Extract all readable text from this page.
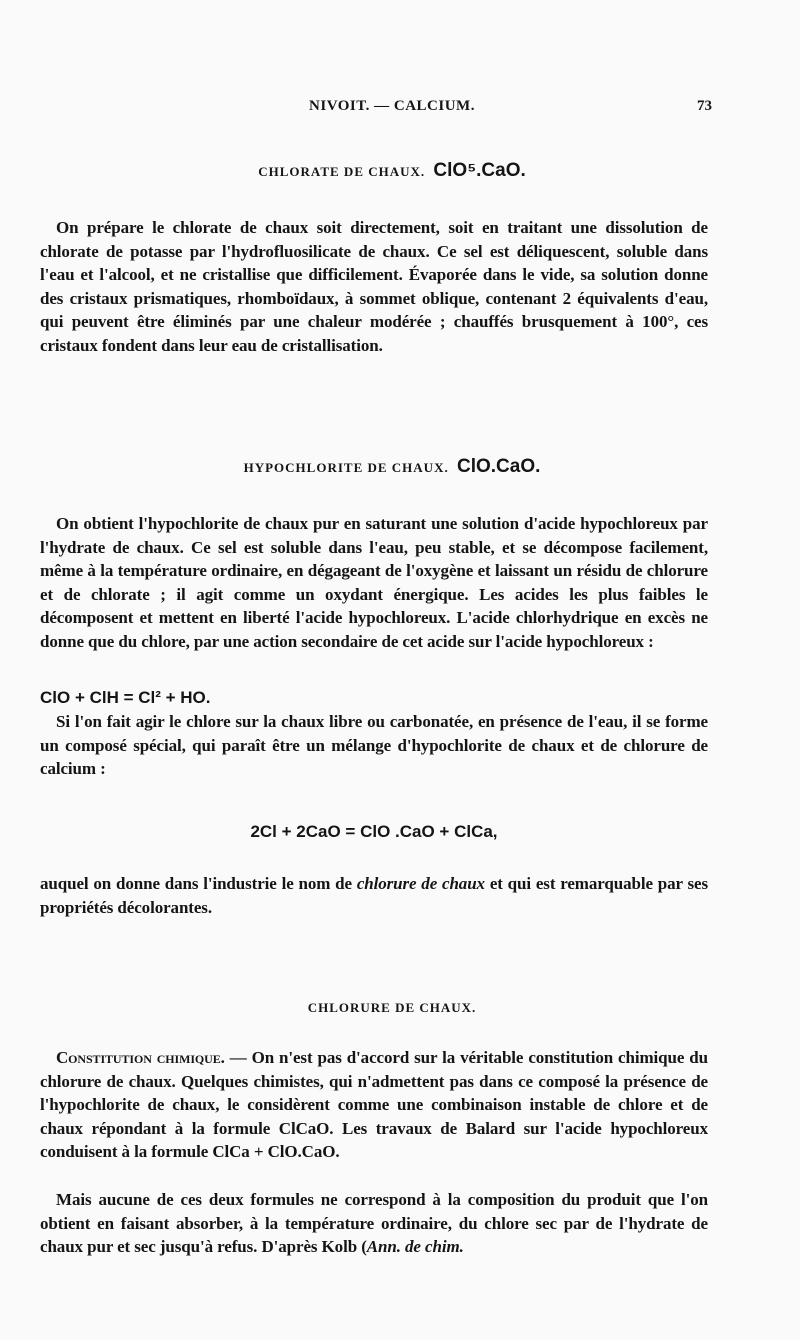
NIVOIT. — CALCIUM.	73
CHLORATE DE CHAUX. ClO⁵.CaO.

On prépare le chlorate de chaux soit directement, soit en traitant une dissolution de chlorate de potasse par l'hydrofluosilicate de chaux. Ce sel est déliquescent, soluble dans l'eau et l'alcool, et ne cristallise que difficilement. Évaporée dans le vide, sa solution donne des cristaux prismatiques, rhomboïdaux, à sommet oblique, contenant 2 équivalents d'eau, qui peuvent être éliminés par une chaleur modérée ; chauffés brusquement à 100°, ces cristaux fondent dans leur eau de cristallisation.

HYPOCHLORITE DE CHAUX. ClO.CaO.

On obtient l'hypochlorite de chaux pur en saturant une solution d'acide hypochloreux par l'hydrate de chaux. Ce sel est soluble dans l'eau, peu stable, et se décompose facilement, même à la température ordinaire, en dégageant de l'oxygène et laissant un résidu de chlorure et de chlorate ; il agit comme un oxydant énergique. Les acides les plus faibles le décomposent et mettent en liberté l'acide hypochloreux. L'acide chlorhydrique en excès ne donne que du chlore, par une action secondaire de cet acide sur l'acide hypochloreux :

ClO + ClH = Cl² + HO.

Si l'on fait agir le chlore sur la chaux libre ou carbonatée, en présence de l'eau, il se forme un composé spécial, qui paraît être un mélange d'hypochlorite de chaux et de chlorure de calcium :

2Cl + 2CaO = ClO .CaO + ClCa,

auquel on donne dans l'industrie le nom de chlorure de chaux et qui est remarquable par ses propriétés décolorantes.

CHLORURE DE CHAUX.

Constitution chimique. — On n'est pas d'accord sur la véritable constitution chimique du chlorure de chaux. Quelques chimistes, qui n'admettent pas dans ce composé la présence de l'hypochlorite de chaux, le considèrent comme une combinaison instable de chlore et de chaux répondant à la formule ClCaO. Les travaux de Balard sur l'acide hypochloreux conduisent à la formule ClCa + ClO.CaO.

Mais aucune de ces deux formules ne correspond à la composition du produit que l'on obtient en faisant absorber, à la température ordinaire, du chlore sec par de l'hydrate de chaux pur et sec jusqu'à refus. D'après Kolb (Ann. de chim.
